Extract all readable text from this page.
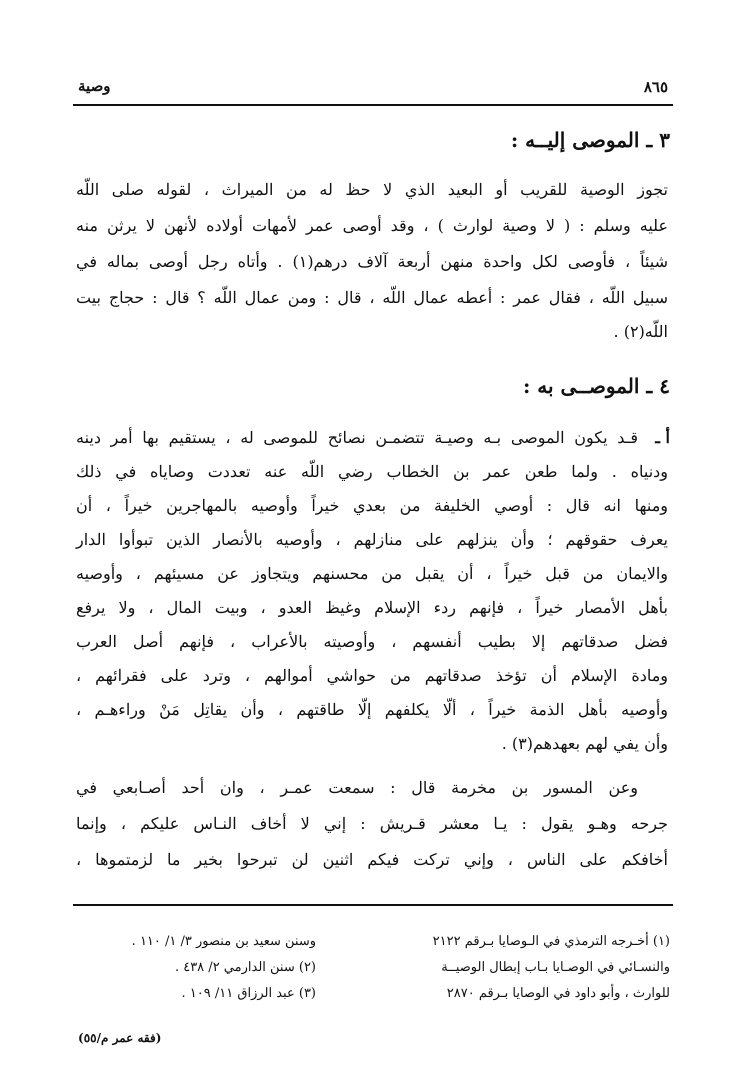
٨٦٥
وصية
٣ ـ الموصى إليــه :
تجوز الوصية للقريب أو البعيد الذي لا حظ له من الميراث ، لقوله صلى اللّه
عليه وسلم : ( لا وصية لوارث ) ، وقد أوصى عمر لأمهات أولاده لأنهن لا يرثن منه
شيئاً ، فأوصى لكل واحدة منهن أربعة آلاف درهم(١) . وأتاه رجل أوصى بماله في
سبيل اللّه ، فقال عمر : أعطه عمال اللّه ، قال : ومن عمال اللّه ؟ قال : حجاج بيت
اللّه(٢) .
٤ ـ الموصــى به :
أ ـ
قـد يكون الموصى بـه وصيـة تتضمـن نصائح للموصى له ، يستقيم بها أمر دينه
ودنياه . ولما طعن عمر بن الخطاب رضي اللّه عنه تعددت وصاياه في ذلك
ومنها انه قال : أوصي الخليفة من بعدي خيراً وأوصيه بالمهاجرين خيراً ، أن
يعرف حقوقهم ؛ وأن ينزلهم على منازلهم ، وأوصيه بالأنصار الذين تبوأوا الدار
والايمان من قبل خيراً ، أن يقبل من محسنهم ويتجاوز عن مسيئهم ، وأوصيه
بأهل الأمصار خيراً ، فإنهم ردء الإسلام وغيظ العدو ، وبيت المال ، ولا يرفع
فضل صدقاتهم إلا بطيب أنفسهم ، وأوصيته بالأعراب ، فإنهم أصل العرب
ومادة الإسلام أن تؤخذ صدقاتهم من حواشي أموالهم ، وترد على فقرائهم ،
وأوصيه بأهل الذمة خيراً ، ألّا يكلفهم إلّا طاقتهم ، وأن يقاتِل مَنْ وراءهـم ،
وأن يفي لهم بعهدهم(٣) .
وعن المسور بن مخرمة قال : سمعت عمـر ، وان أحد أصـابعي في
جرحه وهـو يقول : يـا معشر قـريش : إني لا أخاف النـاس عليكم ، وإنما
أخافكم على الناس ، وإني تركت فيكم اثنين لن تبرحوا بخير ما لزمتموها ،
(١) أخـرجه الترمذي في الـوصايا بـرقم ٢١٢٢
والنسـائي في الوصـايا بـاب إبطال الوصيــة
للوارث ، وأبو داود في الوصايا بـرقم ٢٨٧٠
وسنن سعيد بن منصور ٣/ ١/ ١١٠ .
(٢) سنن الدارمي ٢/ ٤٣٨ .
(٣) عبد الرزاق ١١/ ١٠٩ .
(فقه عمر م/٥٥)
